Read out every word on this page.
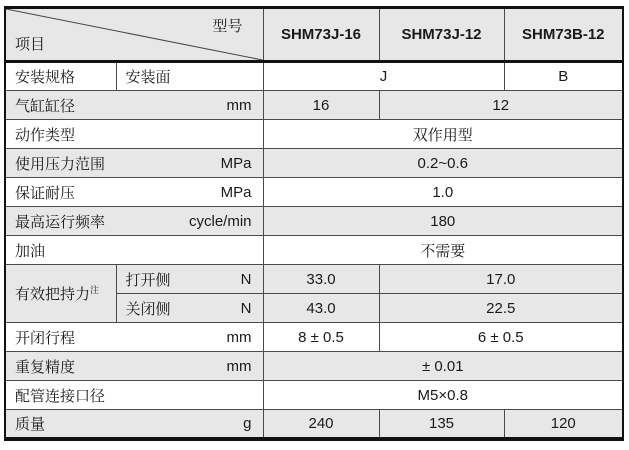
型号
项目		SHM73J-16	SHM73J-12	SHM73B-12
安装规格	安装面	J		B

气缸缸径 mm		16	12	
动作类型		双作用型		

使用压力范围 MPa		0.2~0.6		

保证耐压 MPa		1.0		

最高运行频率 cycle/min		180		
加油		不需要		
有效把持力$^注$	打开侧 N	33.0	17.0	

	关闭侧 N	43.0	22.5	

开闭行程 mm		8 ± 0.5	6 ± 0.5	

重复精度 mm		± 0.01		
配管连接口径		M5×0.8		

质量 g		240	135	120
